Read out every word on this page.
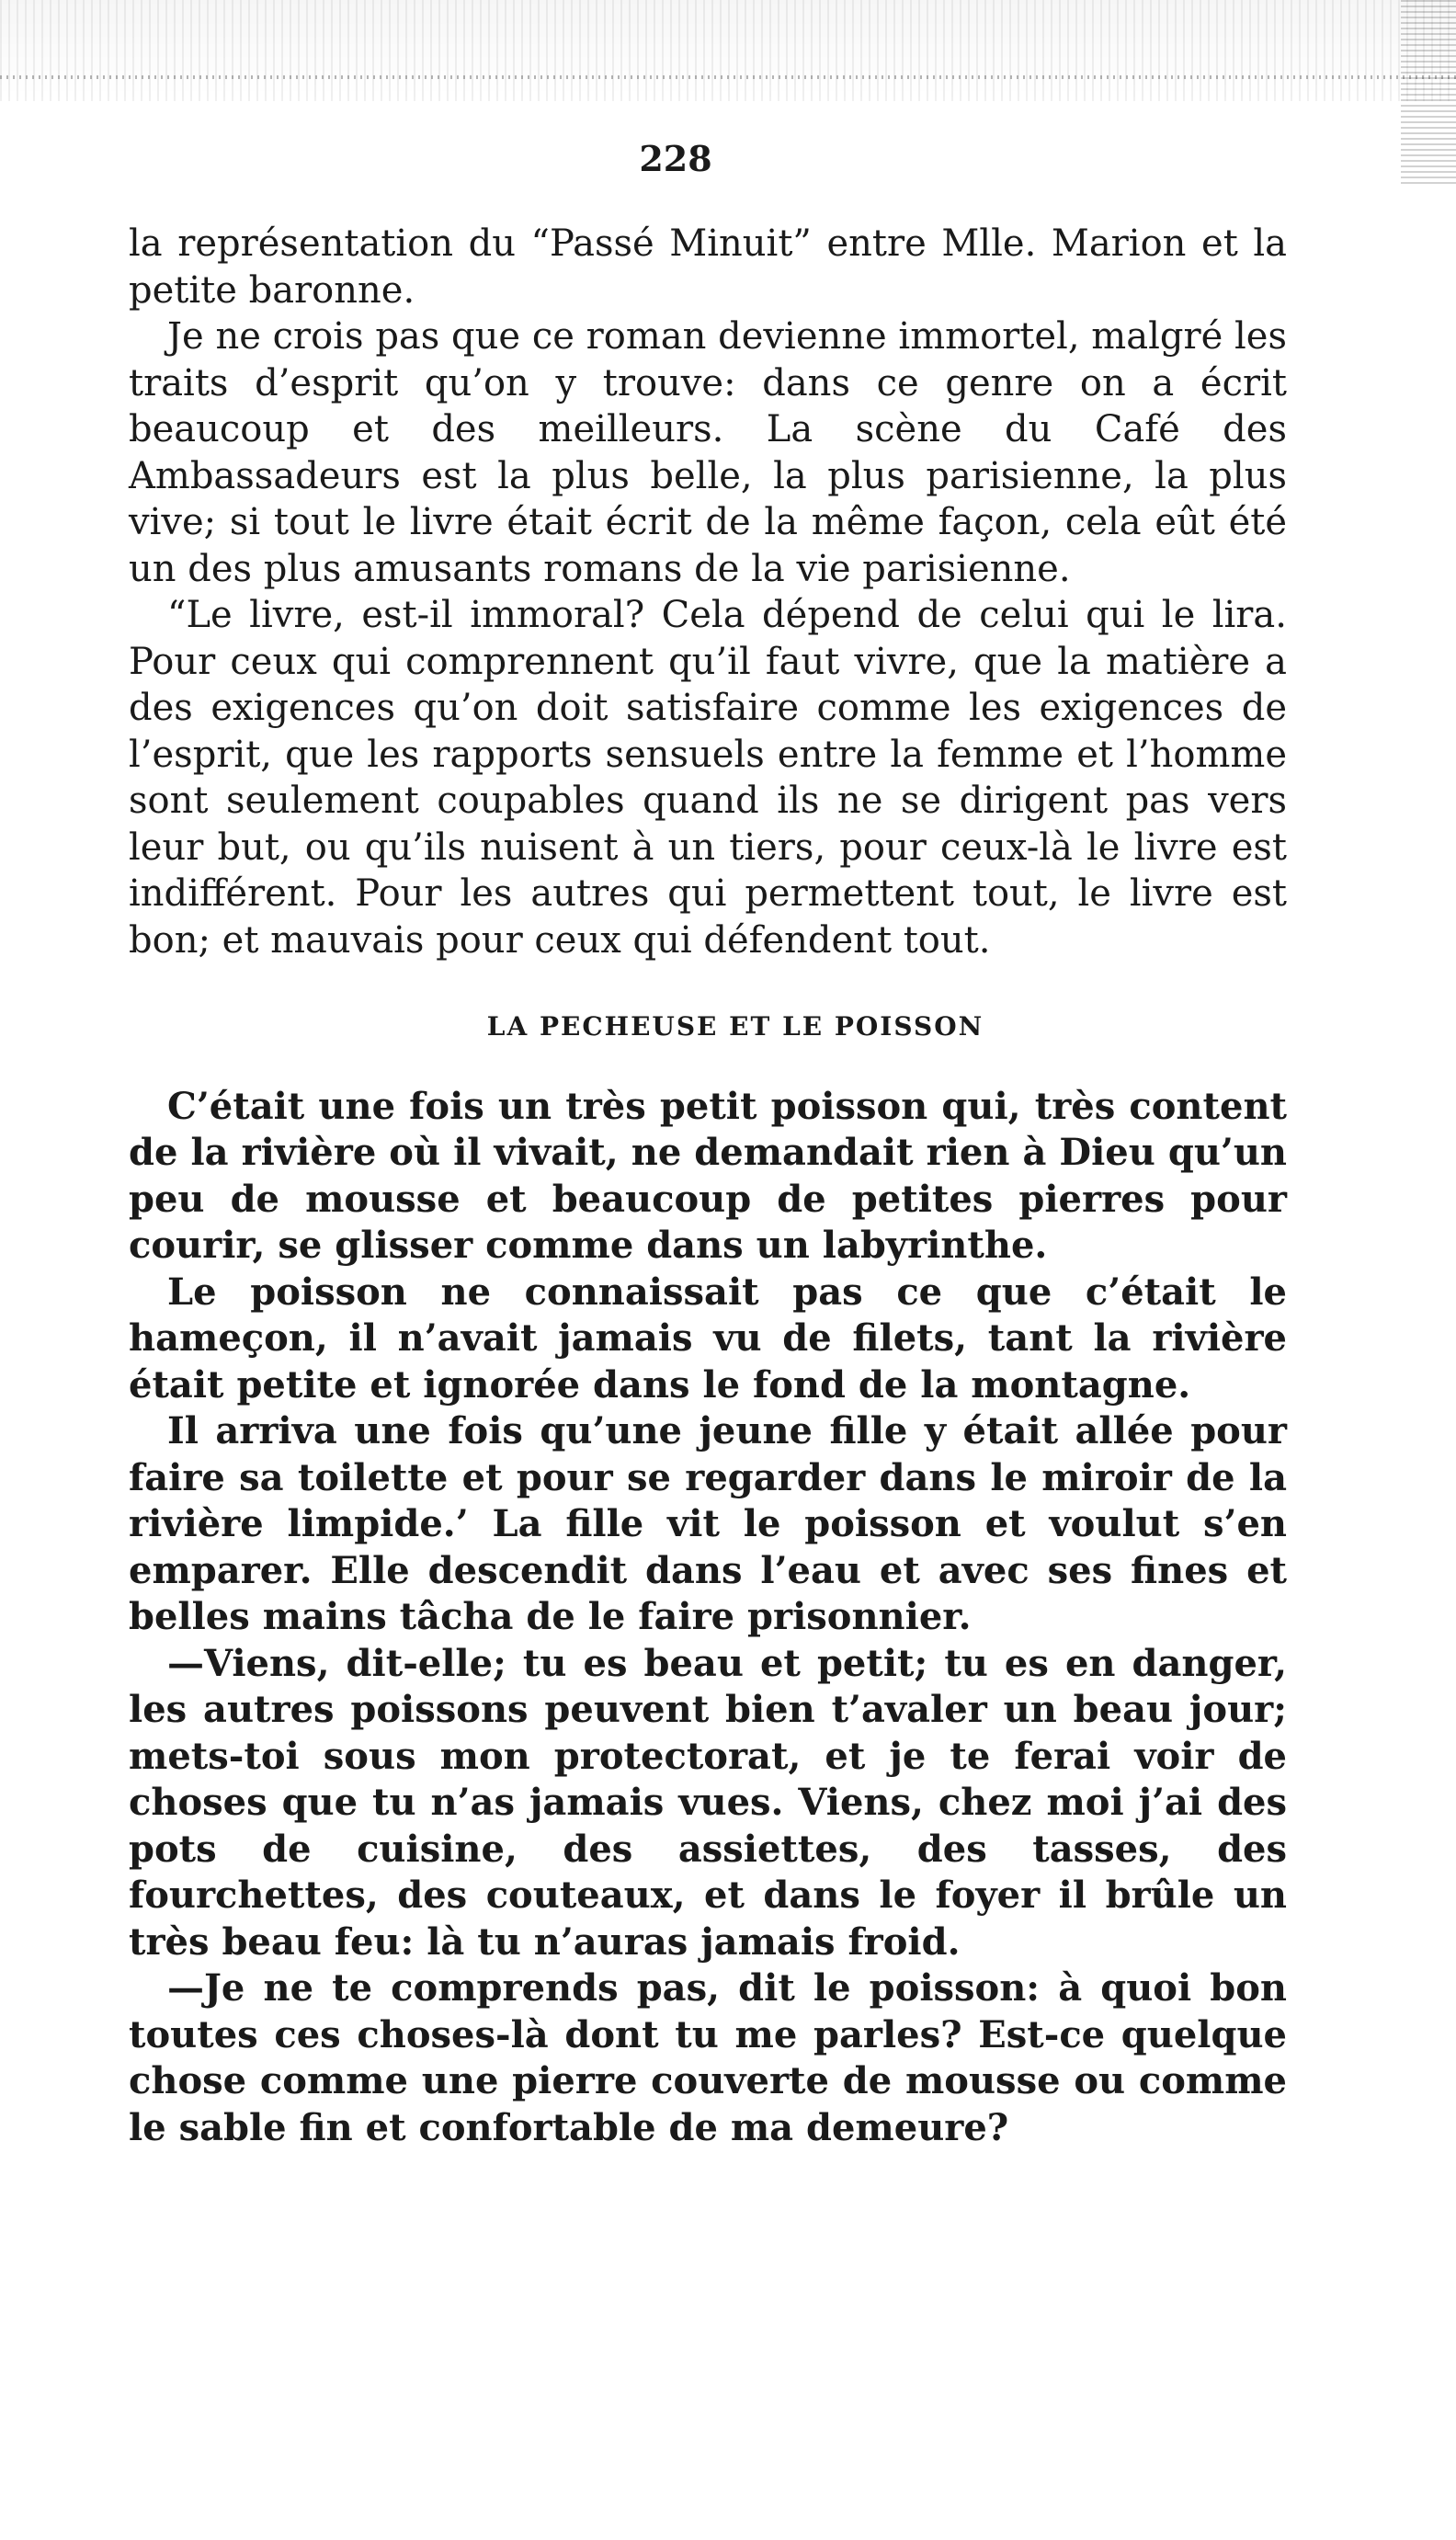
228

la représentation du “Passé Minuit” entre Mlle. Marion et la petite baronne.

Je ne crois pas que ce roman devienne immortel, malgré les traits d’esprit qu’on y trouve: dans ce genre on a écrit beaucoup et des meilleurs. La scène du Café des Ambassadeurs est la plus belle, la plus parisienne, la plus vive; si tout le livre était écrit de la même façon, cela eût été un des plus amusants romans de la vie parisienne.

“Le livre, est-il immoral? Cela dépend de celui qui le lira. Pour ceux qui comprennent qu’il faut vivre, que la matière a des exigences qu’on doit satisfaire comme les exigences de l’esprit, que les rapports sensuels entre la femme et l’homme sont seulement coupables quand ils ne se dirigent pas vers leur but, ou qu’ils nuisent à un tiers, pour ceux-là le livre est indifférent. Pour les autres qui permettent tout, le livre est bon; et mauvais pour ceux qui défendent tout.

LA PECHEUSE ET LE POISSON

C’était une fois un très petit poisson qui, très content de la rivière où il vivait, ne demandait rien à Dieu qu’un peu de mousse et beaucoup de petites pierres pour courir, se glisser comme dans un labyrinthe.

Le poisson ne connaissait pas ce que c’était le hameçon, il n’avait jamais vu de filets, tant la rivière était petite et ignorée dans le fond de la montagne.

Il arriva une fois qu’une jeune fille y était allée pour faire sa toilette et pour se regarder dans le miroir de la rivière limpide.’ La fille vit le poisson et voulut s’en emparer. Elle descendit dans l’eau et avec ses fines et belles mains tâcha de le faire prisonnier.

—Viens, dit-elle; tu es beau et petit; tu es en danger, les autres poissons peuvent bien t’avaler un beau jour; mets-toi sous mon protectorat, et je te ferai voir de choses que tu n’as jamais vues. Viens, chez moi j’ai des pots de cuisine, des assiettes, des tasses, des fourchettes, des couteaux, et dans le foyer il brûle un très beau feu: là tu n’auras jamais froid.

—Je ne te comprends pas, dit le poisson: à quoi bon toutes ces choses-là dont tu me parles? Est-ce quelque chose comme une pierre couverte de mousse ou comme le sable fin et confortable de ma demeure?
